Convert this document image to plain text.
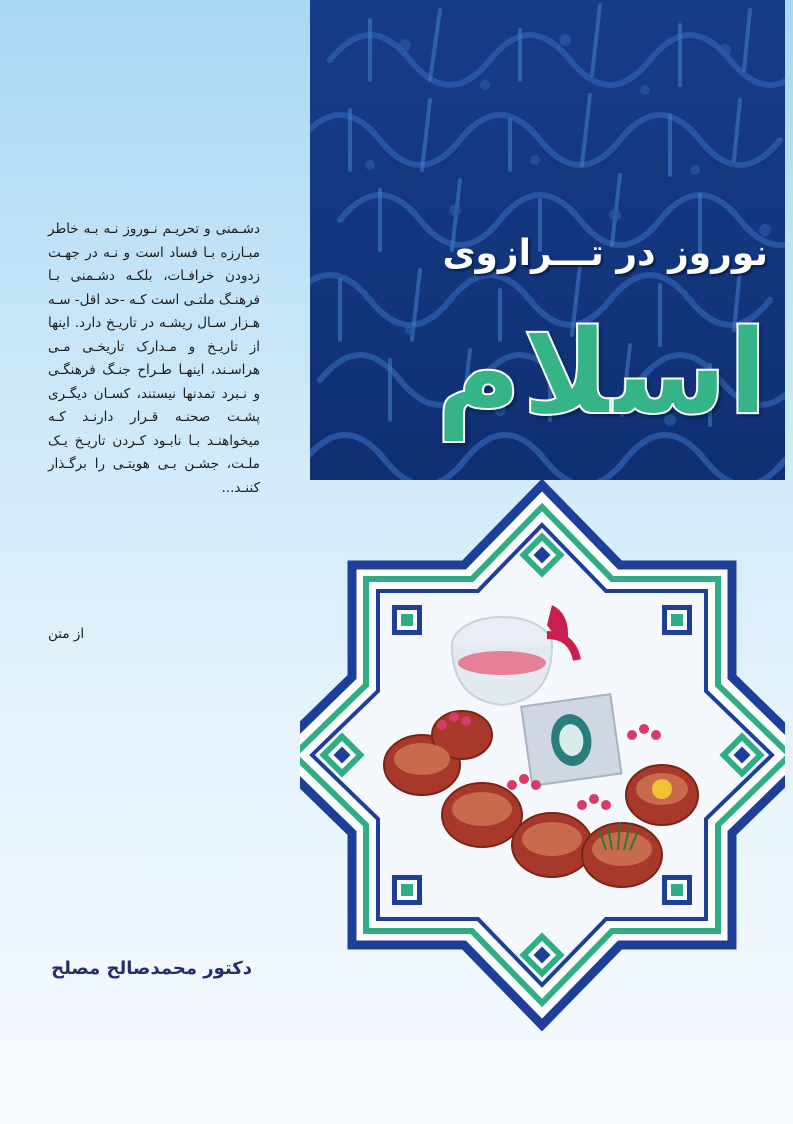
نوروز در تـــرازوی
اسلام
دشـمنی و تحریـم نـوروز نـه بـه خاطر مبـارزه بـا فساد است و نـه در جهـت زدودن خرافـات، بلکـه دشـمنی بـا فرهنـگ ملتـی است کـه -حد اقل- سـه هـزار سـال ریشـه در تاریـخ دارد. اینها از تاریـخ و مـدارک تاریخـی مـی هراسـند، اینهـا طـراح جنـگ فرهنگـی و نـبرد تمدنها نیستند، کسـان دیگـری پشـت صحنـه قـرار دارنـد کـه میخواهنـد بـا نابـود کـردن تاریـخ یـک ملـت، جشـن بـی هویتـی را برگـذار کننـد...
از متن
دکتور محمدصالح مصلح
